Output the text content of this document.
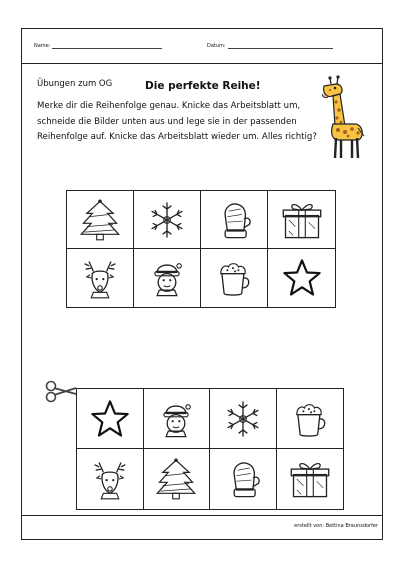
Name:	Datum:
Übungen zum OG	Die perfekte Reihe!
Merke dir die Reihenfolge genau. Knicke das Arbeitsblatt um, schneide die Bilder unten aus und lege sie in der passenden Reihenfolge auf. Knicke das Arbeitsblatt wieder um. Alles richtig?
erstellt von: Bettina Braunsdorfer
